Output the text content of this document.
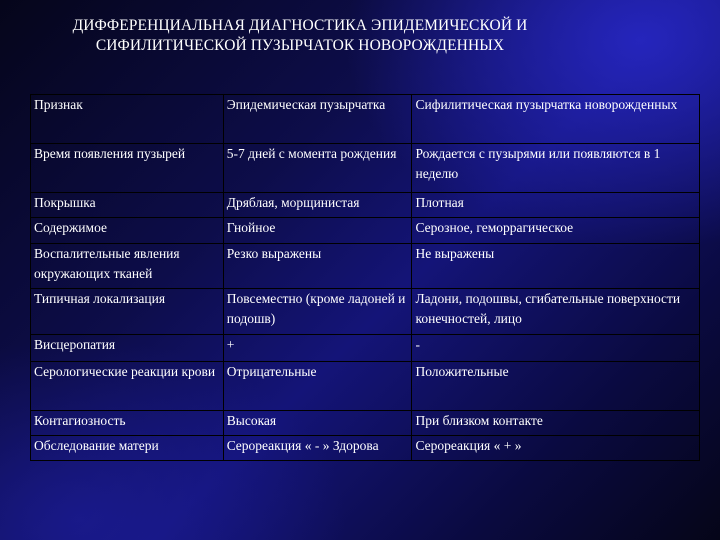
ДИФФЕРЕНЦИАЛЬНАЯ ДИАГНОСТИКА ЭПИДЕМИЧЕСКОЙ И
СИФИЛИТИЧЕСКОЙ ПУЗЫРЧАТОК НОВОРОЖДЕННЫХ
Признак	Эпидемическая пузырчатка	Сифилитическая пузырчатка новорожденных
Время появления пузырей	5-7 дней с момента рождения	Рождается с пузырями или появляются в 1 неделю
Покрышка	Дряблая, морщинистая	Плотная
Содержимое	Гнойное	Серозное, геморрагическое
Воспалительные явления окружающих тканей	Резко выражены	Не выражены
Типичная локализация	Повсеместно (кроме ладоней и подошв)	Ладони, подошвы, сгибательные поверхности конечностей, лицо
Висцеропатия	+	-
Серологические реакции крови	Отрицательные	Положительные
Контагиозность	Высокая	При близком контакте
Обследование матери	Сeрореакция « - » Здорова	Серореакция « + »
